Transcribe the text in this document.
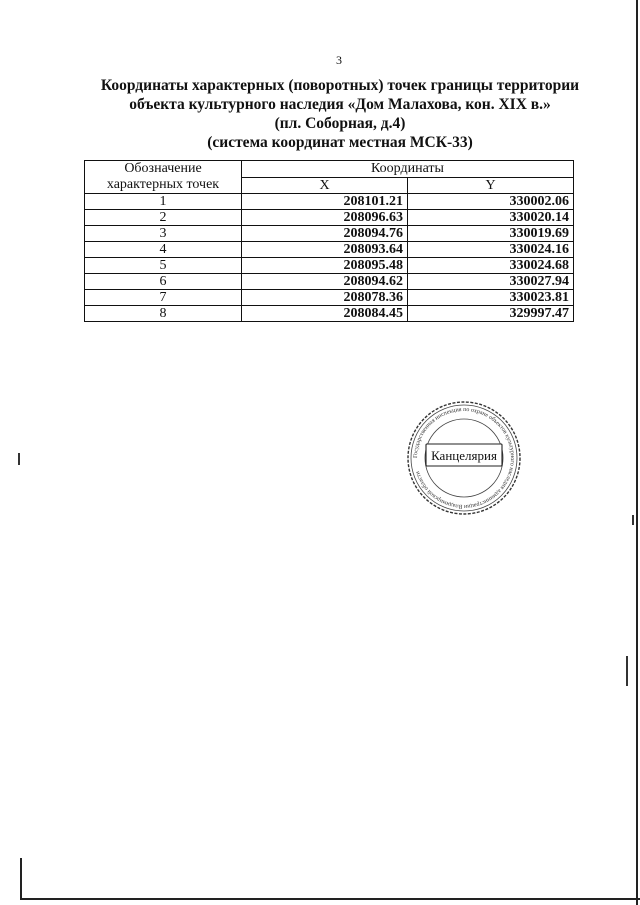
3
Координаты характерных (поворотных) точек границы территории
объекта культурного наследия «Дом Малахова, кон. XIX в.»
(пл. Соборная, д.4)
(система координат местная МСК-33)
Обозначение характерных точек	Координаты	
	X	Y
1	208101.21	330002.06
2	208096.63	330020.14
3	208094.76	330019.69
4	208093.64	330024.16
5	208095.48	330024.68
6	208094.62	330027.94
7	208078.36	330023.81
8	208084.45	329997.47
Государственная инспекция по охране объектов культурного наследия администрации Владимирской области
Канцелярия
